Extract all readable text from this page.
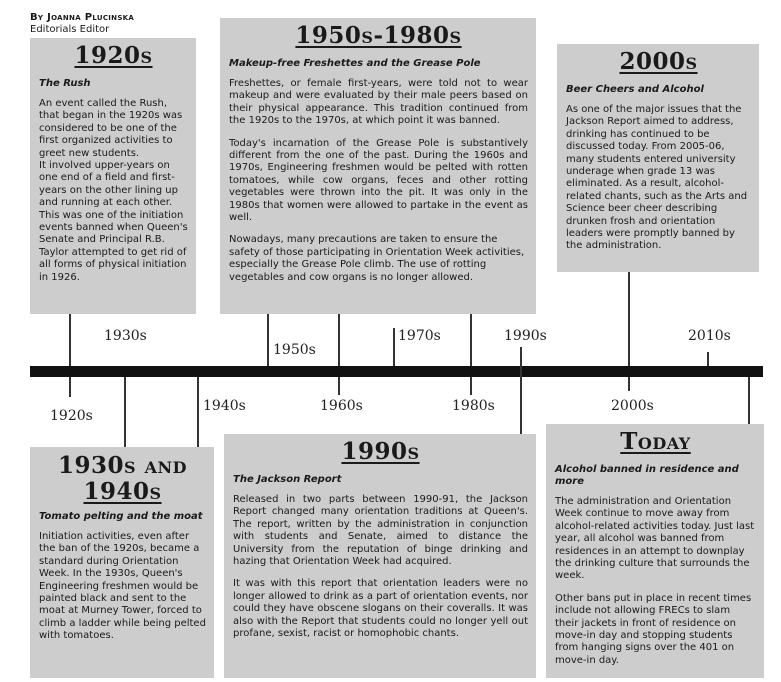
By Joanna Plucinska
Editorials Editor
1920s
The Rush

An event called the Rush, that began in the 1920s was considered to be one of the first organized activities to greet new students.

It involved upper-years on one end of a field and first-years on the other lining up and running at each other. This was one of the initiation events banned when Queen's Senate and Principal R.B. Taylor attempted to get rid of all forms of physical initiation in 1926.

1950s-1980s
Makeup-free Freshettes and the Grease Pole

Freshettes, or female first-years, were told not to wear makeup and were evaluated by their male peers based on their physical appearance. This tradition continued from the 1920s to the 1970s, at which point it was banned.

Today's incarnation of the Grease Pole is substantively different from the one of the past. During the 1960s and 1970s, Engineering freshmen would be pelted with rotten tomatoes, while cow organs, feces and other rotting vegetables were thrown into the pit. It was only in the 1980s that women were allowed to partake in the event as well.

Nowadays, many precautions are taken to ensure the safety of those participating in Orientation Week activities, especially the Grease Pole climb. The use of rotting vegetables and cow organs is no longer allowed.

2000s
Beer Cheers and Alcohol

As one of the major issues that the Jackson Report aimed to address, drinking has continued to be discussed today. From 2005-06, many students entered university underage when grade 13 was eliminated. As a result, alcohol-related chants, such as the Arts and Science beer cheer describing drunken frosh and orientation leaders were promptly banned by the administration.

1930s
1950s
1970s	1990s	2010s
1920s
1940s	1960s	1980s	2000s
1930s and
1940s
Tomato pelting and the moat

Initiation activities, even after the ban of the 1920s, became a standard during Orientation Week. In the 1930s, Queen's Engineering freshmen would be painted black and sent to the moat at Murney Tower, forced to climb a ladder while being pelted with tomatoes.

1990s
The Jackson Report

Released in two parts between 1990-91, the Jackson Report changed many orientation traditions at Queen's. The report, written by the administration in conjunction with students and Senate, aimed to distance the University from the reputation of binge drinking and hazing that Orientation Week had acquired.

It was with this report that orientation leaders were no longer allowed to drink as a part of orientation events, nor could they have obscene slogans on their coveralls. It was also with the Report that students could no longer yell out profane, sexist, racist or homophobic chants.

Today
Alcohol banned in residence and more

The administration and Orientation Week continue to move away from alcohol-related activities today. Just last year, all alcohol was banned from residences in an attempt to downplay the drinking culture that surrounds the week.

Other bans put in place in recent times include not allowing FRECs to slam their jackets in front of residence on move-in day and stopping students from hanging signs over the 401 on move-in day.
